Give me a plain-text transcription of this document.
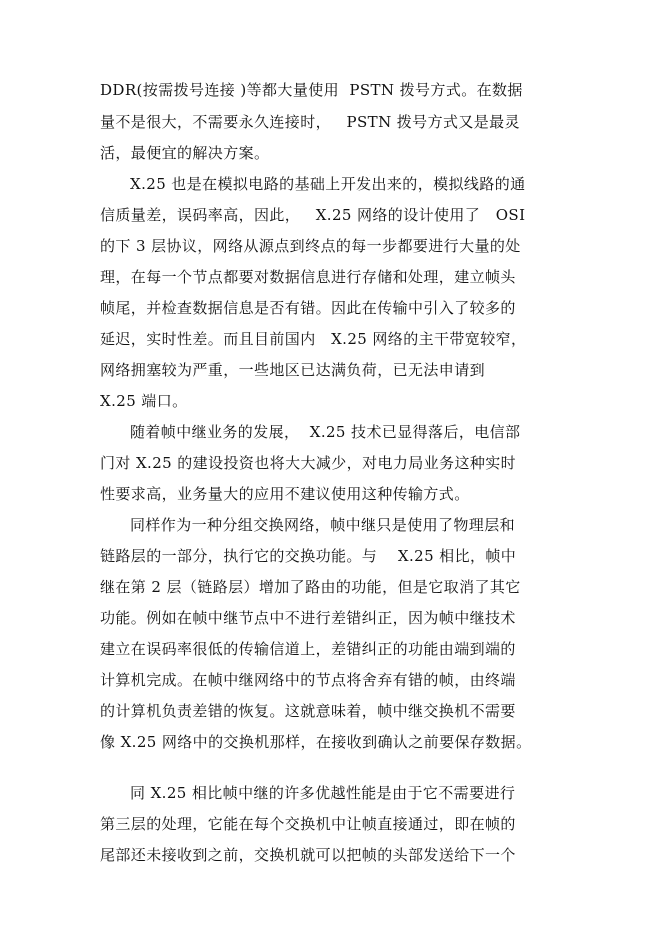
DDR(按需拨号连接 )等都大量使用  PSTN 拨号方式。在数据
量不是很大，不需要永久连接时，   PSTN 拨号方式又是最灵
活，最便宜的解决方案。
X.25 也是在模拟电路的基础上开发出来的，模拟线路的通
信质量差，误码率高，因此，   X.25 网络的设计使用了   OSI
的下 3 层协议，网络从源点到终点的每一步都要进行大量的处
理，在每一个节点都要对数据信息进行存储和处理，建立帧头
帧尾，并检查数据信息是否有错。因此在传输中引入了较多的
延迟，实时性差。而且目前国内   X.25 网络的主干带宽较窄，
网络拥塞较为严重，一些地区已达满负荷，已无法申请到
X.25 端口。
随着帧中继业务的发展，  X.25 技术已显得落后，电信部
门对 X.25 的建设投资也将大大减少，对电力局业务这种实时
性要求高，业务量大的应用不建议使用这种传输方式。
同样作为一种分组交换网络，帧中继只是使用了物理层和
链路层的一部分，执行它的交换功能。与    X.25 相比，帧中
继在第 2 层（链路层）增加了路由的功能，但是它取消了其它
功能。例如在帧中继节点中不进行差错纠正，因为帧中继技术
建立在误码率很低的传输信道上，差错纠正的功能由端到端的
计算机完成。在帧中继网络中的节点将舍弃有错的帧，由终端
的计算机负责差错的恢复。这就意味着，帧中继交换机不需要
像 X.25 网络中的交换机那样，在接收到确认之前要保存数据。
同 X.25 相比帧中继的许多优越性能是由于它不需要进行
第三层的处理，它能在每个交换机中让帧直接通过，即在帧的
尾部还未接收到之前，交换机就可以把帧的头部发送给下一个
